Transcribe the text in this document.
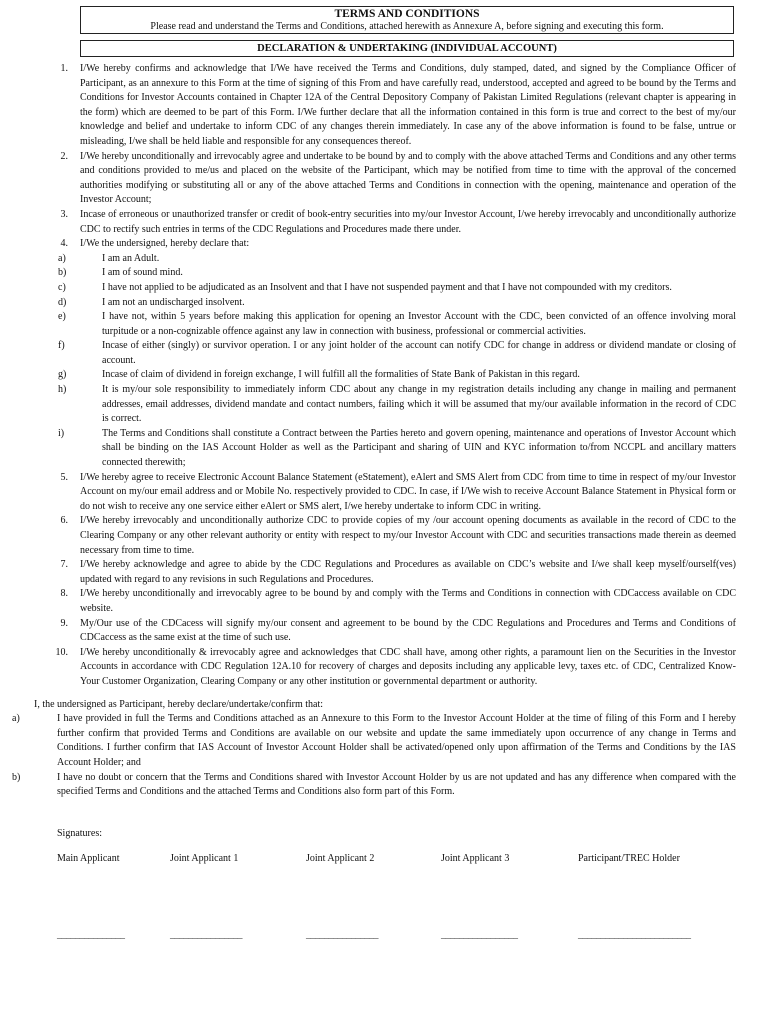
TERMS AND CONDITIONS
Please read and understand the Terms and Conditions, attached herewith as Annexure A, before signing and executing this form.
DECLARATION & UNDERTAKING (INDIVIDUAL ACCOUNT)
1. I/We hereby confirms and acknowledge that I/We have received the Terms and Conditions, duly stamped, dated, and signed by the Compliance Officer of Participant, as an annexure to this Form at the time of signing of this From and have carefully read, understood, accepted and agreed to be bound by the Terms and Conditions for Investor Accounts contained in Chapter 12A of the Central Depository Company of Pakistan Limited Regulations (relevant chapter is appearing in the form) which are deemed to be part of this Form. I/We further declare that all the information contained in this form is true and correct to the best of my/our knowledge and belief and undertake to inform CDC of any changes therein immediately. In case any of the above information is found to be false, untrue or misleading, I/we shall be held liable and responsible for any consequences thereof.
2. I/We hereby unconditionally and irrevocably agree and undertake to be bound by and to comply with the above attached Terms and Conditions and any other terms and conditions provided to me/us and placed on the website of the Participant, which may be notified from time to time with the approval of the concerned authorities modifying or substituting all or any of the above attached Terms and Conditions in connection with the opening, maintenance and operation of the Investor Account;
3. Incase of erroneous or unauthorized transfer or credit of book-entry securities into my/our Investor Account, I/we hereby irrevocably and unconditionally authorize CDC to rectify such entries in terms of the CDC Regulations and Procedures made there under.
4. I/We the undersigned, hereby declare that:
a)	I am an Adult.
b)	I am of sound mind.
c)	I have not applied to be adjudicated as an Insolvent and that I have not suspended payment and that I have not compounded with my creditors.
d)	I am not an undischarged insolvent.
e)	I have not, within 5 years before making this application for opening an Investor Account with the CDC, been convicted of an offence involving moral turpitude or a non-cognizable offence against any law in connection with business, professional or commercial activities.
f)	Incase of either (singly) or survivor operation. I or any joint holder of the account can notify CDC for change in address or dividend mandate or closing of account.
g)	Incase of claim of dividend in foreign exchange, I will fulfill all the formalities of State Bank of Pakistan in this regard.
h)	It is my/our sole responsibility to immediately inform CDC about any change in my registration details including any change in mailing and permanent addresses, email addresses, dividend mandate and contact numbers, failing which it will be assumed that my/our available information in the record of CDC is correct.
i)	The Terms and Conditions shall constitute a Contract between the Parties hereto and govern opening, maintenance and operations of Investor Account which shall be binding on the IAS Account Holder as well as the Participant and sharing of UIN and KYC information to/from NCCPL and ancillary matters connected therewith;
5. I/We hereby agree to receive Electronic Account Balance Statement (eStatement), eAlert and SMS Alert from CDC from time to time in respect of my/our Investor Account on my/our email address and or Mobile No. respectively provided to CDC. In case, if I/We wish to receive Account Balance Statement in Physical form or do not wish to receive any one service either eAlert or SMS alert, I/we hereby undertake to inform CDC in writing.
6. I/We hereby irrevocably and unconditionally authorize CDC to provide copies of my /our account opening documents as available in the record of CDC to the Clearing Company or any other relevant authority or entity with respect to my/our Investor Account with CDC and securities transactions made therein as deemed necessary from time to time.
7. I/We hereby acknowledge and agree to abide by the CDC Regulations and Procedures as available on CDC’s website and I/we shall keep myself/ourself(ves) updated with regard to any revisions in such Regulations and Procedures.
8. I/We hereby unconditionally and irrevocably agree to be bound by and comply with the Terms and Conditions in connection with CDCaccess available on CDC website.
9. My/Our use of the CDCacess will signify my/our consent and agreement to be bound by the CDC Regulations and Procedures and Terms and Conditions of CDCaccess as the same exist at the time of such use.
10. I/We hereby unconditionally & irrevocably agree and acknowledges that CDC shall have, among other rights, a paramount lien on the Securities in the Investor Accounts in accordance with CDC Regulation 12A.10 for recovery of charges and deposits including any applicable levy, taxes etc. of CDC, Centralized Know-Your Customer Organization, Clearing Company or any other institution or governmental department or authority.
I, the undersigned as Participant, hereby declare/undertake/confirm that:
a)	I have provided in full the Terms and Conditions attached as an Annexure to this Form to the Investor Account Holder at the time of filing of this Form and I hereby further confirm that provided Terms and Conditions are available on our website and update the same immediately upon occurrence of any change in Terms and Conditions. I further confirm that IAS Account of Investor Account Holder shall be activated/opened only upon affirmation of the Terms and Conditions by the IAS Account Holder; and
b)	I have no doubt or concern that the Terms and Conditions shared with Investor Account Holder by us are not updated and has any difference when compared with the specified Terms and Conditions and the attached Terms and Conditions also form part of this Form.
Signatures:
Main Applicant	Joint Applicant 1	Joint Applicant 2	Joint Applicant 3	Participant/TREC Holder
_______________	________________	________________	_________________	_________________________
